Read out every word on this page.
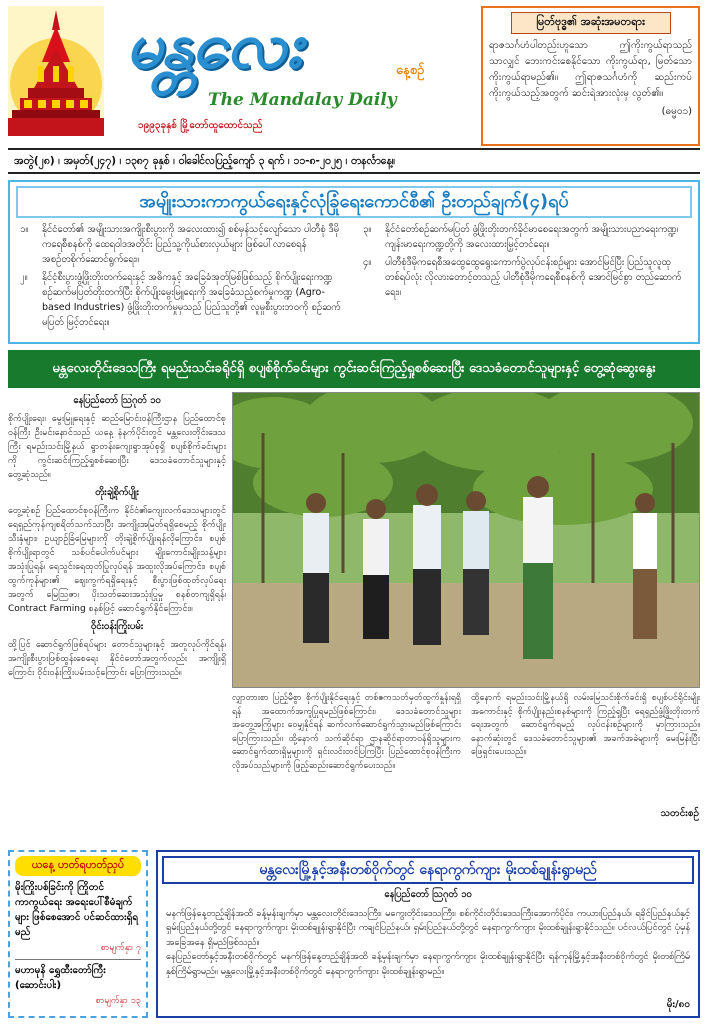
မန္တလေး	နေ့စဉ်
The Mandalay Daily
၁၉၉၃ခုနှစ် မြို့တော်ထူထောင်သည်
မြတ်ဗုဒ္ဓ၏ အဆုံးအမတရား
ရာဇသင်္ဂဟံပါတည်းဟူသော ဤကိုးကွယ်ရာသည် သာလျှင် ဘေးကင်းစေနိုင်သော ကိုးကွယ်ရာ, မြတ်သော ကိုးကွယ်ရာမည်၏။ ဤရာဇသင်္ဂဟံကို ဆည်းကပ်ကိုးကွယ်သည့်အတွက် ဆင်းရဲအားလုံးမှ လွတ်၏။
(ဓမ္မ၀၁)
အတွဲ(၂၈) ၊ အမှတ်(၂၄၇) ၊ ၁၃၈၇ ခုနှစ် ၊ ဝါခေါင်လပြည့်ကျော် ၃ ရက် ၊ ၁၁-၈-၂၀၂၅ ၊ တနင်္လာနေ့။
အမျိုးသားကာကွယ်ရေးနှင့်လုံခြုံရေးကောင်စီ၏ ဦးတည်ချက်(၄)ရပ်
၁။	နိုင်ငံတော်၏ အမျိုးသားအကျိုးစီးပွားကို အလေးထား၍ စစ်မှန်သင့်လျော်သော ပါတီစုံ ဒီမိုကရေစီစနစ်ကို ထေရဝါဒအတိုင်း ပြည်သူ့ကိုယ်စားလှယ်များ ဖြစ်ပေါ်လာစေရန် အစဉ်တစိုက်ဆောင်ရွက်ရေး။
၂။	နိုင်ငံ့စီးပွားဖွံ့ဖြိုးတိုးတက်ရေးနှင့် အဓိကနှင့် အခြေခံအုတ်မြစ်ဖြစ်သည့် စိုက်ပျိုးရေးကဏ္ဍ စဉ်ဆက်မပြတ်တိုးတက်ပြီး စိုက်ပျိုးမွေးမြူရေးကို အခြေခံသည့်စက်မှုကဏ္ဍ (Agro-based Industries) ဖွံ့ဖြိုးတိုးတက်မှုမှသည် ပြည်သူတို့၏ လူမှုစီးပွားဘဝကို စဉ်ဆက်မပြတ် မြင့်တင်ရေး။
၃။	နိုင်ငံတော်စဉ်ဆက်မပြတ် ဖွံ့ဖြိုးတိုးတက်ခိုင်မာစေရေးအတွက် အမျိုးသားပညာရေးကဏ္ဍ၊ ကျန်းမာရေးကဏ္ဍတို့ကို အလေးထားမြှင့်တင်ရေး။
၄။	ပါတီစုံဒီမိုကရေစီအထွေထွေရွေးကောက်ပွဲလုပ်ငန်းစဉ်များ အောင်မြင်ပြီး ပြည်သူလူထု တစ်ရပ်လုံး လိုလားတောင့်တသည့် ပါတီစုံဒီမိုကရေစီစနစ်ကို အောင်မြင်စွာ တည်ဆောက်ရေး။
မန္တလေးတိုင်းဒေသကြီး ရမည်းသင်းခရိုင်ရှိ စပျစ်စိုက်ခင်းများ ကွင်းဆင်းကြည့်ရှုစစ်ဆေးပြီး ဒေသခံတောင်သူများနှင့် တွေ့ဆုံဆွေးနွေး
နေပြည်တော် ဩဂုတ် ၁၀

စိုက်ပျိုးရေး၊ မွေးမြူရေးနှင့် ဆည်မြောင်းဝန်ကြီးဌာန ပြည်ထောင်စုဝန်ကြီး ဦးမင်းနောင်သည် ယနေ့ နံနက်ပိုင်းတွင် မန္တလေးတိုင်းဒေသကြီး ရမည်းသင်းမြို့နယ် ရွာတန်းကျေးရွာအုပ်စုရှိ စပျစ်စိုက်ခင်းများကို ကွင်းဆင်းကြည့်ရှုစစ်ဆေးပြီး ဒေသခံတောင်သူများနှင့် တွေ့ဆုံသည်။

တိုးချဲ့စိုက်ပျိုး

တွေ့ဆုံစဉ် ပြည်ထောင်စုဝန်ကြီးက နိုင်ငံ၏ကျေးလက်ဒေသများတွင် ရေရှည်ကုန်ကျစရိတ်သက်သာပြီး အကျိုးအမြတ်ရရှိစေမည့် စိုက်ပျိုးသီးနှံများ၊ ဥယျာဉ်ခြံမြေများကို တိုးချဲ့စိုက်ပျိုးရန်လိုကြောင်း၊ စပျစ်စိုက်ပျိုးရာတွင် သစ်ပင်ပေါက်ပင်များ မျိုးကောင်းမျိုးသန့်များ အသုံးပြုရန်၊ ရေသွင်းရေထုတ်ပြုလုပ်ရန် အထူးလိုအပ်ကြောင်း၊ စပျစ်ထွက်ကုန်များ၏ ဈေးကွက်ရရှိရေးနှင့် စီးပွားဖြစ်ထုတ်လုပ်ရေးအတွက် မြေဩဇာ၊ ပိုးသတ်ဆေးအသုံးပြုမှု စနစ်တကျရှိရန်၊ Contract Farming စနစ်ဖြင့် ဆောင်ရွက်နိုင်ကြောင်း။

ဝိုင်းဝန်းကြိုးပမ်း

ထို့ပြင် ဆောင်ရွက်ဖြစ်ရပ်များ တောင်သူများနှင့် အတူလုပ်ကိုင်ရန်၊ အကျိုးစီးပွားဖြစ်ထွန်းစေရေး နိုင်ငံတော်အတွက်လည်း အကျိုးရှိကြောင်း ဝိုင်းဝန်းကြိုးပမ်းသင့်ကြောင်း ပြောကြားသည်။

လျှာတားစာ ပြည့်မီစွာ စိုက်ပျိုးနိုင်ရေးနှင့် တစ်ဧကသတ်မှတ်ထွက်နှုန်းရရှိရန် အထောက်အကူပြုရမည်ဖြစ်ကြောင်း၊ ဒေသခံတောင်သူများ အတွေ့အကြုံများ ဝေမျှနိုင်ရန် ဆက်လက်ဆောင်ရွက်သွားမည်ဖြစ်ကြောင်း ပြောကြားသည်။ ထို့နောက် သက်ဆိုင်ရာ ဌာနဆိုင်ရာတာဝန်ရှိသူများက ဆောင်ရွက်ထားရှိမှုများကို ရှင်းလင်းတင်ပြကြပြီး ပြည်ထောင်စုဝန်ကြီးက လိုအပ်သည်များကို ဖြည့်ဆည်းဆောင်ရွက်ပေးသည်။
ထို့နောက် ရမည်းသင်းမြို့နယ်ရှိ လမ်းမြေသင်းစိုက်ခင်းရှိ စပျစ်ပင်ရိုင်းမျိုးအကောင်းနှင့် စိုက်ပျိုးနည်းစနစ်များကို ကြည့်ရှုပြီး ရေရှည်ဖွံ့ဖြိုးတိုးတက်ရေးအတွက် ဆောင်ရွက်ရမည့် လုပ်ငန်းစဉ်များကို မှာကြားသည်။ နောက်ဆုံးတွင် ဒေသခံတောင်သူများ၏ အခက်အခဲများကို မေးမြန်းပြီး ဖြေရှင်းပေးသည်။
သတင်းစဉ်
ယနေ့ ဟတ်ရဟတ်ညှပ်
မိုးကြိုးပစ်ခြင်းကို ကြိုတင်ကာကွယ်ရေး အရေးပေါ်စီမံချက်များ ဖြစ်စေအောင် ပင်ဆင်ထားရှိရမည်
စာမျက်နှာ ၇
မဟာမုနိ ရွှေထီးတော်ကြီး (ဆောင်းပါး)
စာမျက်နှာ ၁၃
မန္တလေးမြို့နှင့်အနီးတစ်ဝိုက်တွင် နေရာကွက်ကျား မိုးထစ်ချုန်းရွာမည်
နေပြည်တော် ဩဂုတ် ၁၀

မနက်ဖြန်နေ့တည့်ချိန်အထိ ခန့်မှန်းချက်မှာ မန္တလေးတိုင်းဒေသကြီး၊ မကွေးတိုင်းဒေသကြီး၊ စစ်ကိုင်းတိုင်းဒေသကြီးအောက်ပိုင်း၊ ကယားပြည်နယ်၊ ရခိုင်ပြည်နယ်နှင့် ရှမ်းပြည်နယ်တို့တွင် နေရာကွက်ကျား မိုးထစ်ချုန်းရွာနိုင်ပြီး ကချင်ပြည်နယ်၊ ရှမ်းပြည်နယ်တို့တွင် နေရာကွက်ကျား မိုးထစ်ချုန်းရွာနိုင်သည်။ ပင်လယ်ပြင်တွင် ပုံမှန်အခြေအနေ ရှိမည်ဖြစ်သည်။

နေပြည်တော်နှင့်အနီးတစ်ဝိုက်တွင် မနက်ဖြန်နေ့တည့်ချိန်အထိ ခန့်မှန်းချက်မှာ နေရာကွက်ကျား မိုးထစ်ချုန်းရွာနိုင်ပြီး ရန်ကုန်မြို့နှင့်အနီးတစ်ဝိုက်တွင် မိုးတစ်ကြိမ်နှစ်ကြိမ်ရွာမည်။ မန္တလေးမြို့နှင့်အနီးတစ်ဝိုက်တွင် နေရာကွက်ကျား မိုးထစ်ချုန်းရွာမည်။

မိုး/၈၀
